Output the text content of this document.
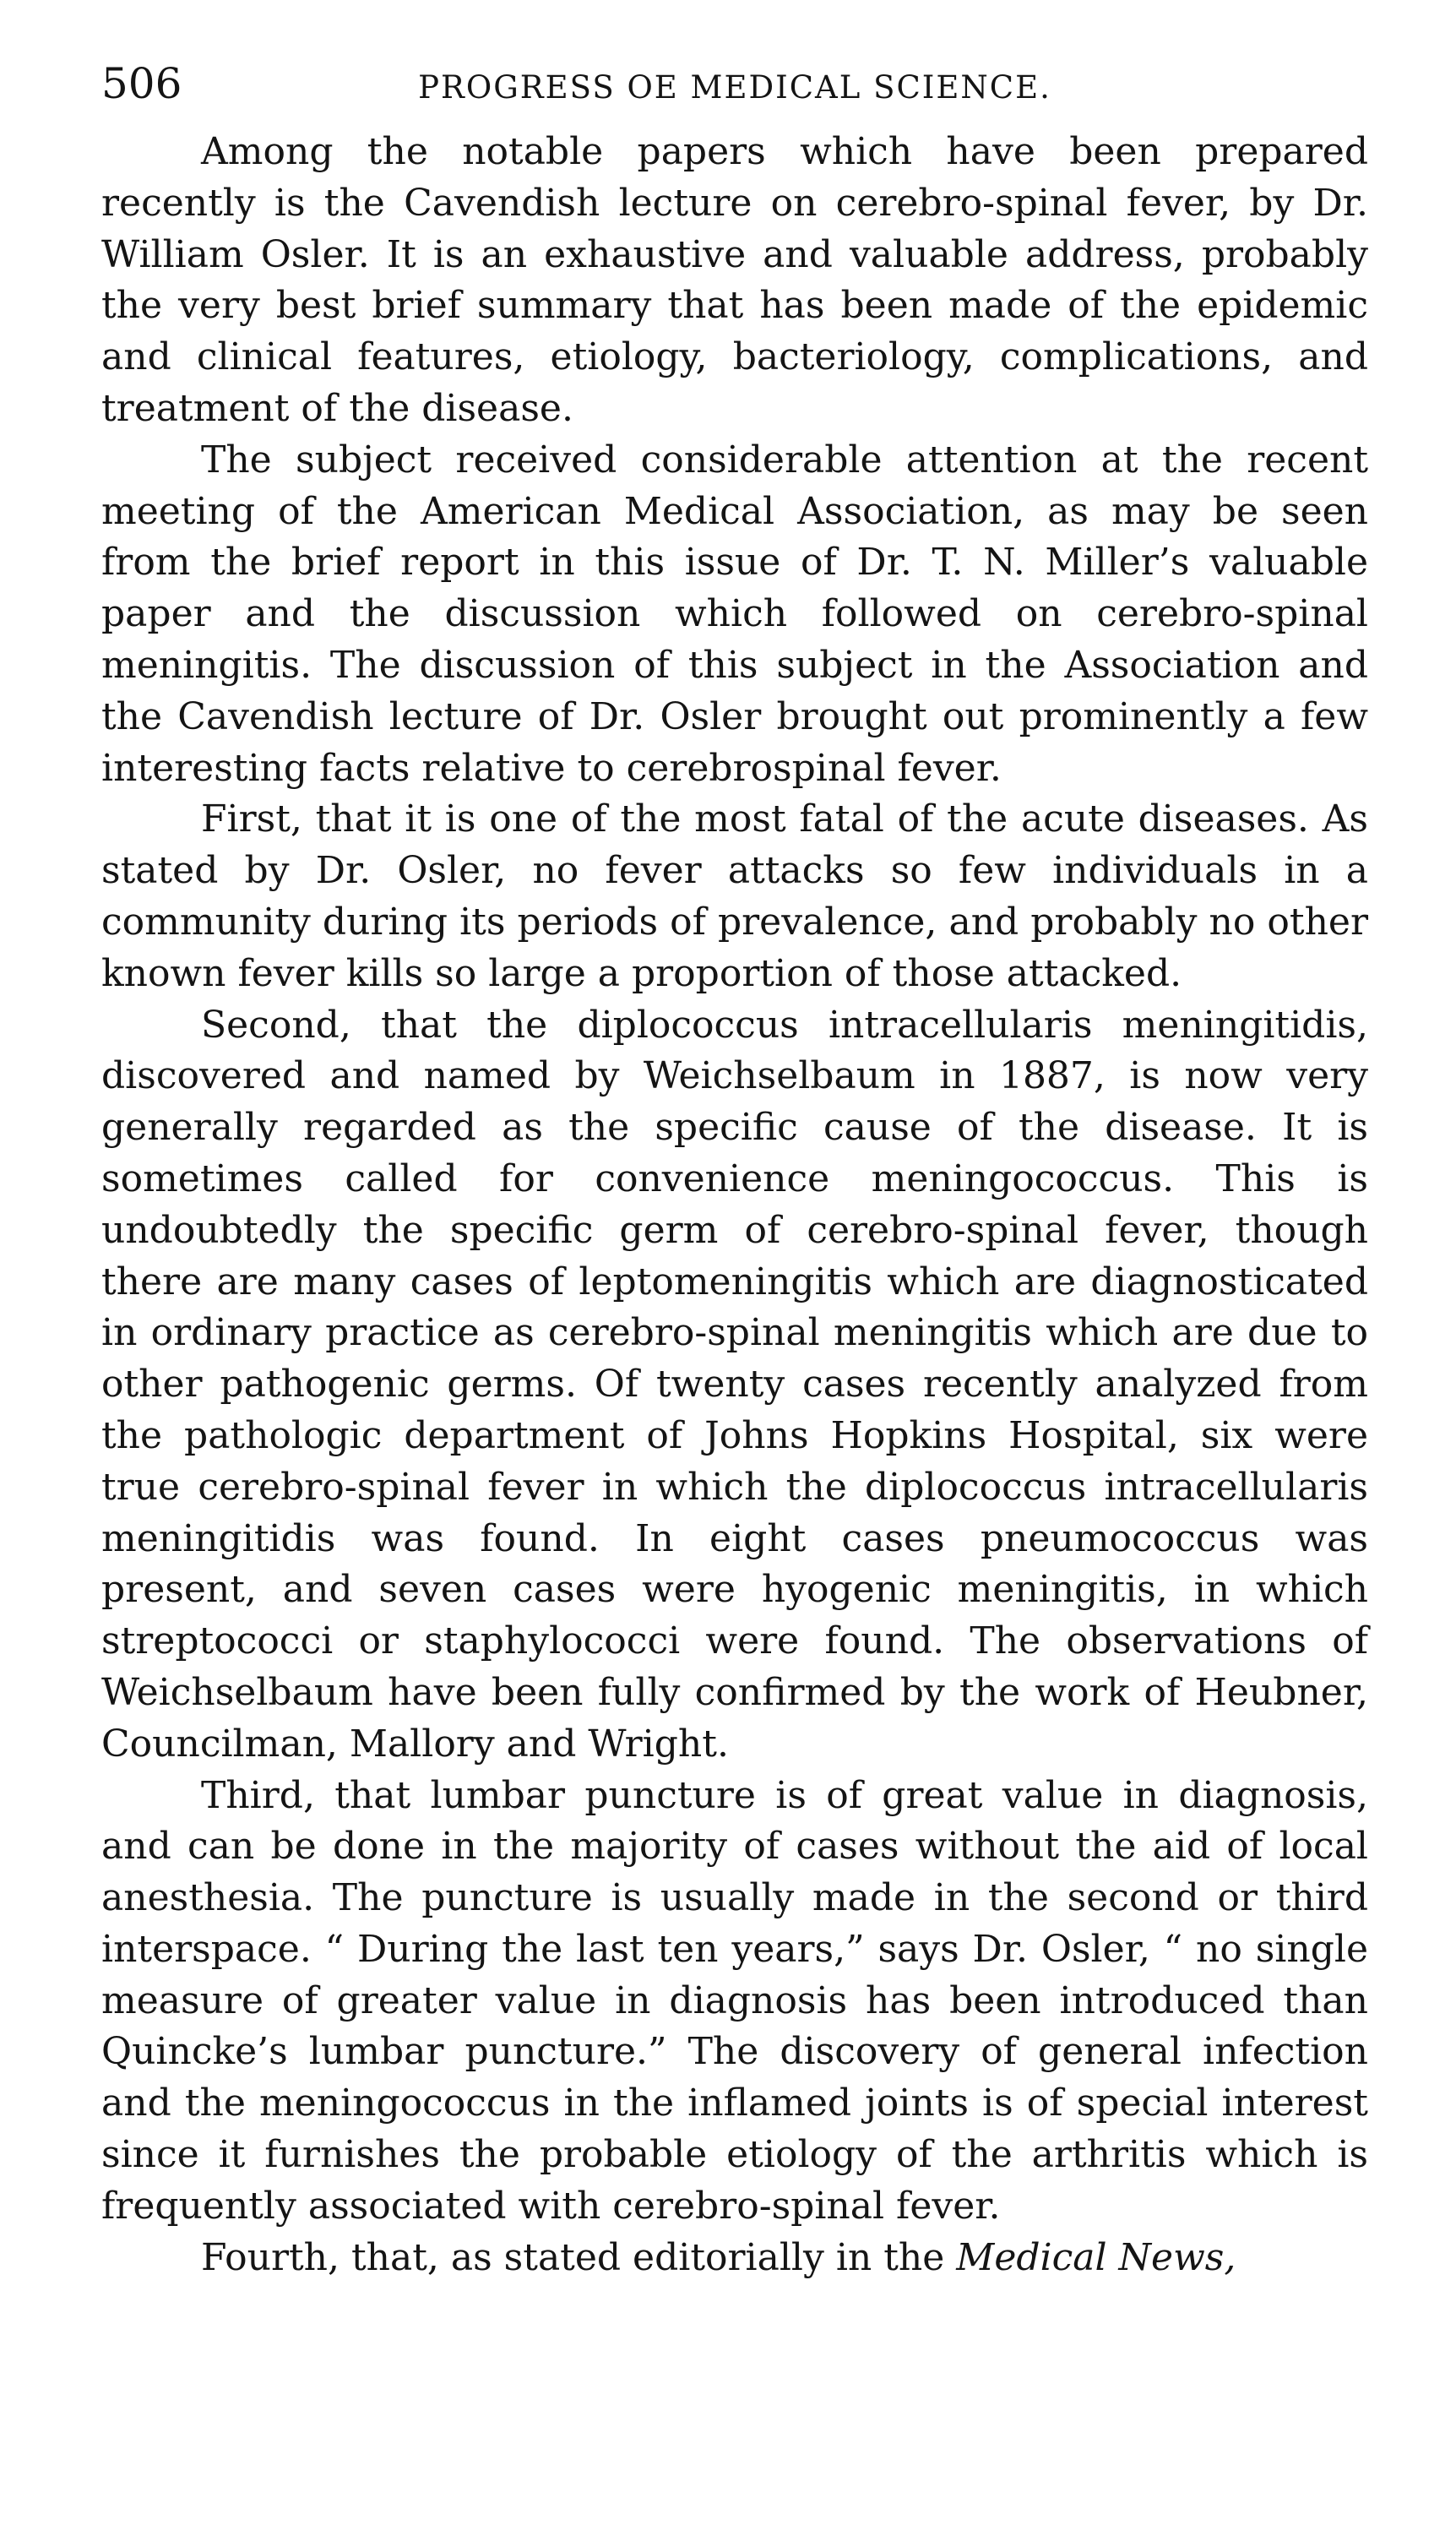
506	PROGRESS OE MEDICAL SCIENCE.

Among the notable papers which have been prepared recently is the Cavendish lecture on cerebro-spinal fever, by Dr. William Osler. It is an exhaustive and valuable address, probably the very best brief summary that has been made of the epidemic and clinical features, etiology, bacteriology, complications, and treatment of the disease.

The subject received considerable attention at the recent meeting of the American Medical Association, as may be seen from the brief report in this issue of Dr. T. N. Miller’s valuable paper and the discussion which followed on cerebro-spinal meningitis. The discussion of this subject in the Association and the Cavendish lecture of Dr. Osler brought out prominently a few interesting facts relative to cerebrospinal fever.

First, that it is one of the most fatal of the acute diseases. As stated by Dr. Osler, no fever attacks so few individuals in a community during its periods of prevalence, and probably no other known fever kills so large a proportion of those attacked.

Second, that the diplococcus intracellularis meningitidis, discovered and named by Weichselbaum in 1887, is now very generally regarded as the specific cause of the disease. It is sometimes called for convenience meningococcus. This is undoubtedly the specific germ of cerebro-spinal fever, though there are many cases of leptomeningitis which are diagnosticated in ordinary practice as cerebro-spinal meningitis which are due to other pathogenic germs. Of twenty cases recently analyzed from the pathologic department of Johns Hopkins Hospital, six were true cerebro-spinal fever in which the diplococcus intracellularis meningitidis was found. In eight cases pneumococcus was present, and seven cases were hyogenic meningitis, in which streptococci or staphylococci were found. The observations of Weichselbaum have been fully confirmed by the work of Heubner, Councilman, Mallory and Wright.

Third, that lumbar puncture is of great value in diagnosis, and can be done in the majority of cases without the aid of local anesthesia. The puncture is usually made in the second or third interspace. “ During the last ten years,” says Dr. Osler, “ no single measure of greater value in diagnosis has been introduced than Quincke’s lumbar puncture.” The discovery of general infection and the meningococcus in the inflamed joints is of special interest since it furnishes the probable etiology of the arthritis which is frequently associated with cerebro-spinal fever.

Fourth, that, as stated editorially in the Medical News,
